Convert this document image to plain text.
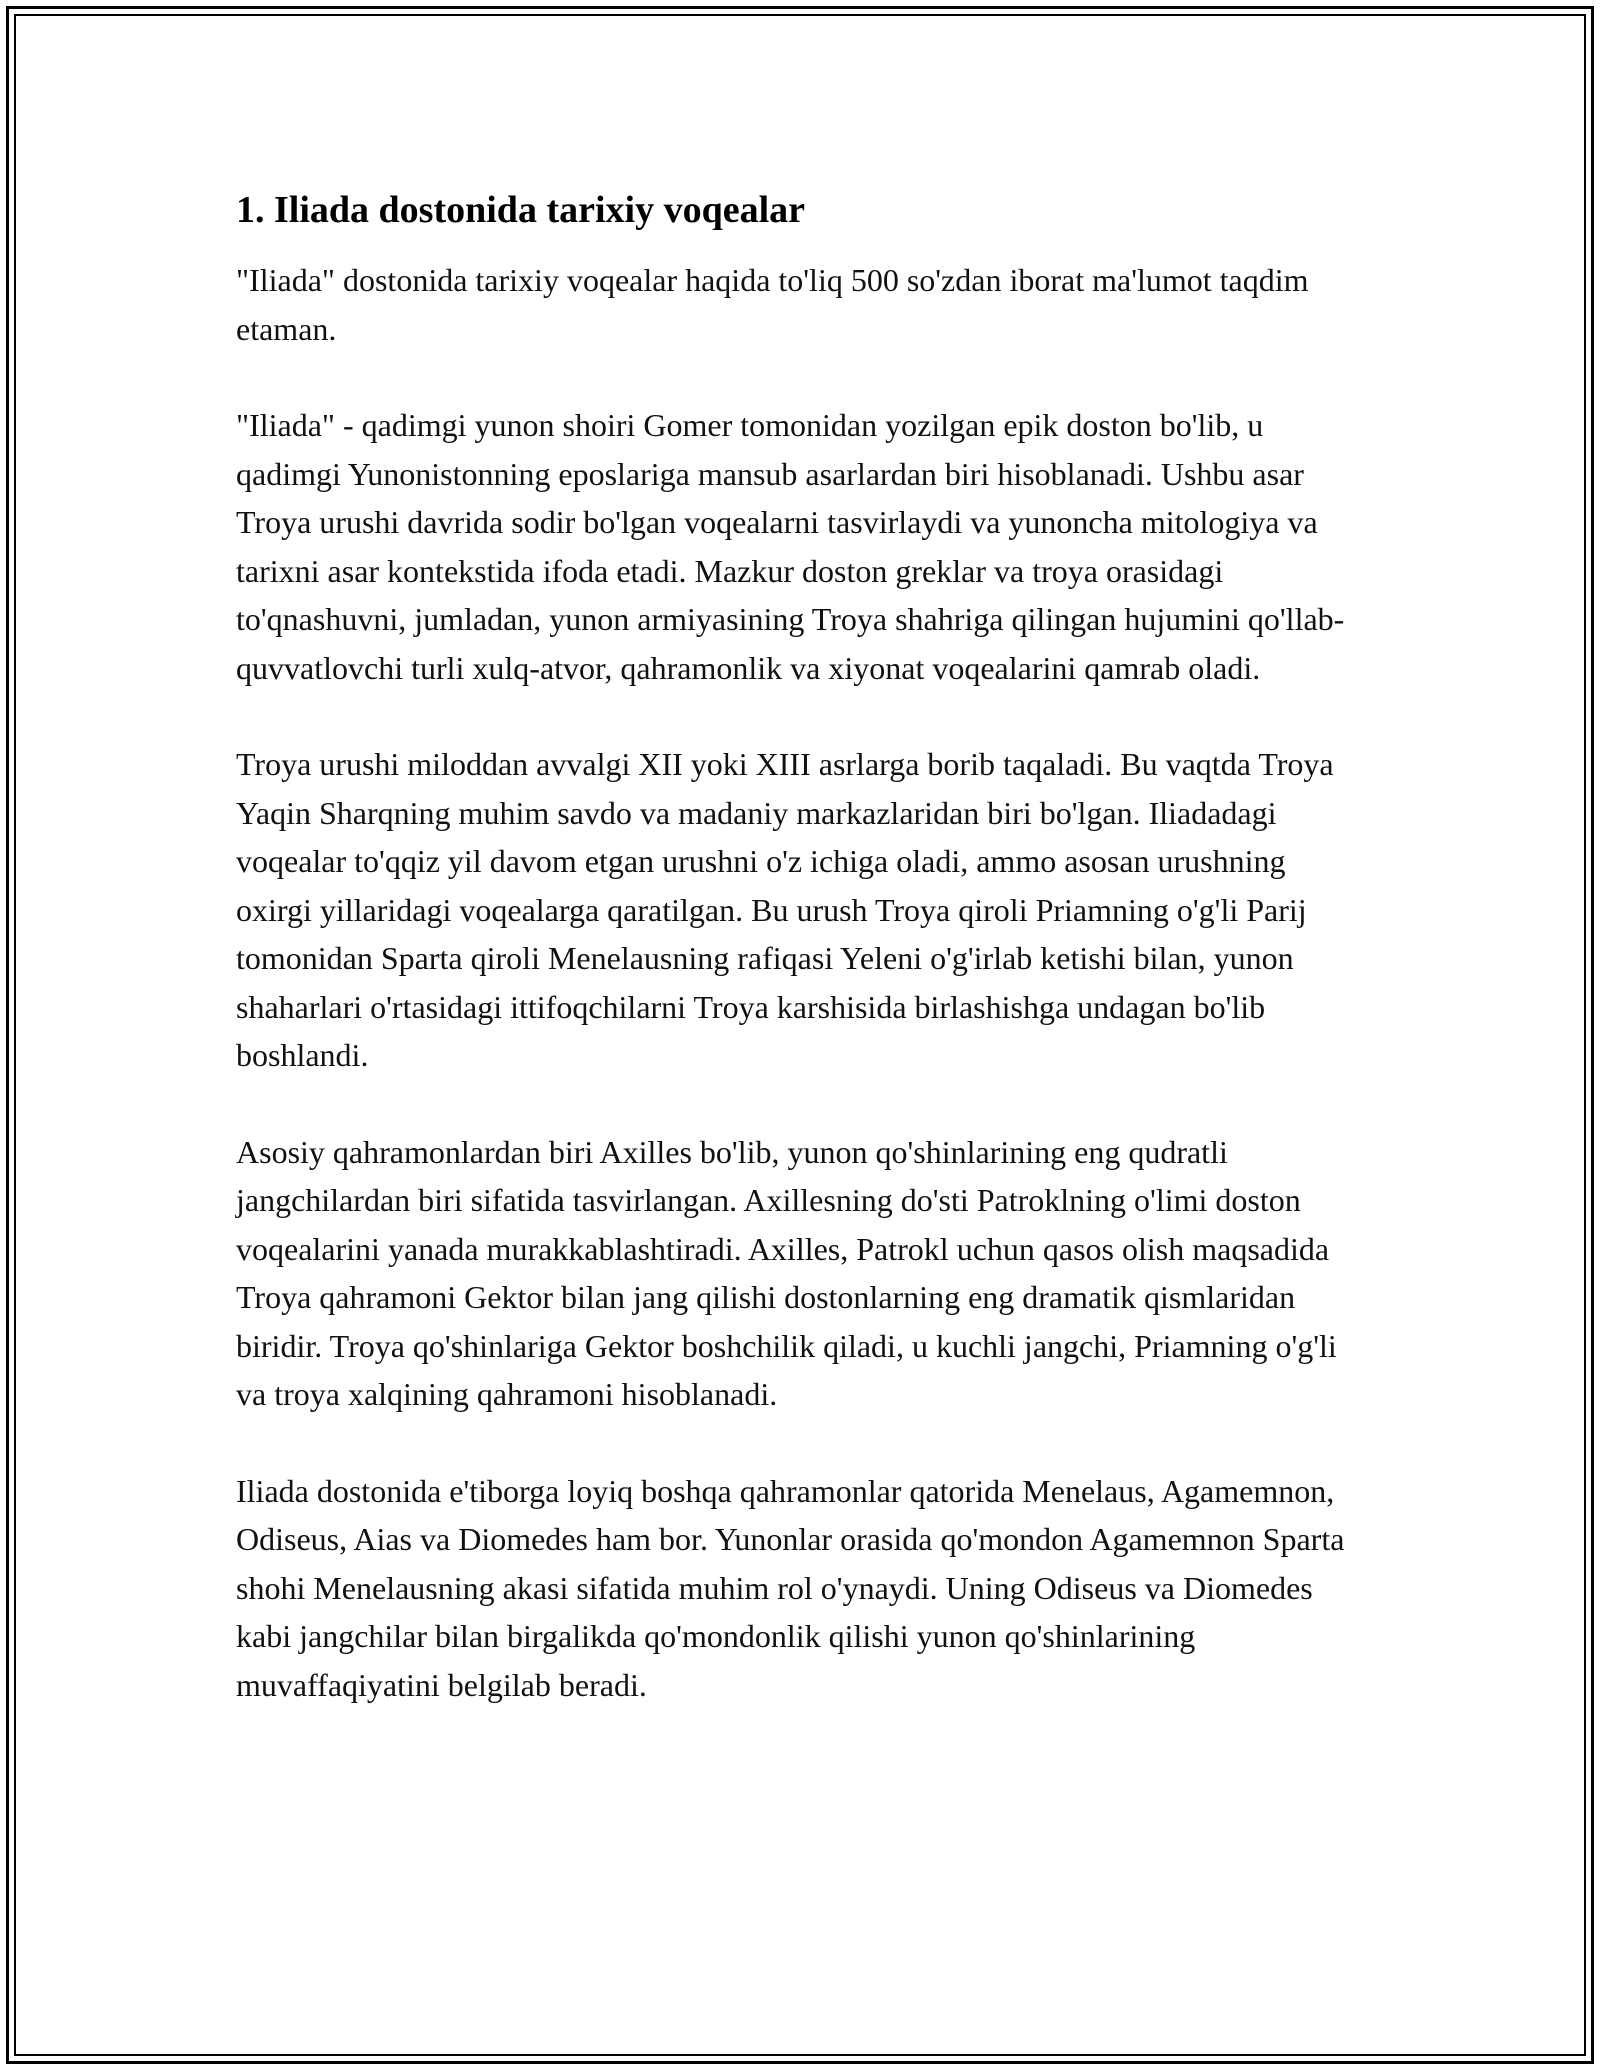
1. Iliada dostonida tarixiy voqealar

"Iliada" dostonida tarixiy voqealar haqida to'liq 500 so'zdan iborat ma'lumot taqdim etaman.

"Iliada" - qadimgi yunon shoiri Gomer tomonidan yozilgan epik doston bo'lib, u qadimgi Yunonistonning eposlariga mansub asarlardan biri hisoblanadi. Ushbu asar Troya urushi davrida sodir bo'lgan voqealarni tasvirlaydi va yunoncha mitologiya va tarixni asar kontekstida ifoda etadi. Mazkur doston greklar va troya orasidagi to'qnashuvni, jumladan, yunon armiyasining Troya shahriga qilingan hujumini qo'llab-quvvatlovchi turli xulq-atvor, qahramonlik va xiyonat voqealarini qamrab oladi.

Troya urushi miloddan avvalgi XII yoki XIII asrlarga borib taqaladi. Bu vaqtda Troya Yaqin Sharqning muhim savdo va madaniy markazlaridan biri bo'lgan. Iliadadagi voqealar to'qqiz yil davom etgan urushni o'z ichiga oladi, ammo asosan urushning oxirgi yillaridagi voqealarga qaratilgan. Bu urush Troya qiroli Priamning o'g'li Parij tomonidan Sparta qiroli Menelausning rafiqasi Yeleni o'g'irlab ketishi bilan, yunon shaharlari o'rtasidagi ittifoqchilarni Troya karshisida birlashishga undagan bo'lib boshlandi.

Asosiy qahramonlardan biri Axilles bo'lib, yunon qo'shinlarining eng qudratli jangchilardan biri sifatida tasvirlangan. Axillesning do'sti Patroklning o'limi doston voqealarini yanada murakkablashtiradi. Axilles, Patrokl uchun qasos olish maqsadida Troya qahramoni Gektor bilan jang qilishi dostonlarning eng dramatik qismlaridan biridir. Troya qo'shinlariga Gektor boshchilik qiladi, u kuchli jangchi, Priamning o'g'li va troya xalqining qahramoni hisoblanadi.

Iliada dostonida e'tiborga loyiq boshqa qahramonlar qatorida Menelaus, Agamemnon, Odiseus, Aias va Diomedes ham bor. Yunonlar orasida qo'mondon Agamemnon Sparta shohi Menelausning akasi sifatida muhim rol o'ynaydi. Uning Odiseus va Diomedes kabi jangchilar bilan birgalikda qo'mondonlik qilishi yunon qo'shinlarining muvaffaqiyatini belgilab beradi.
